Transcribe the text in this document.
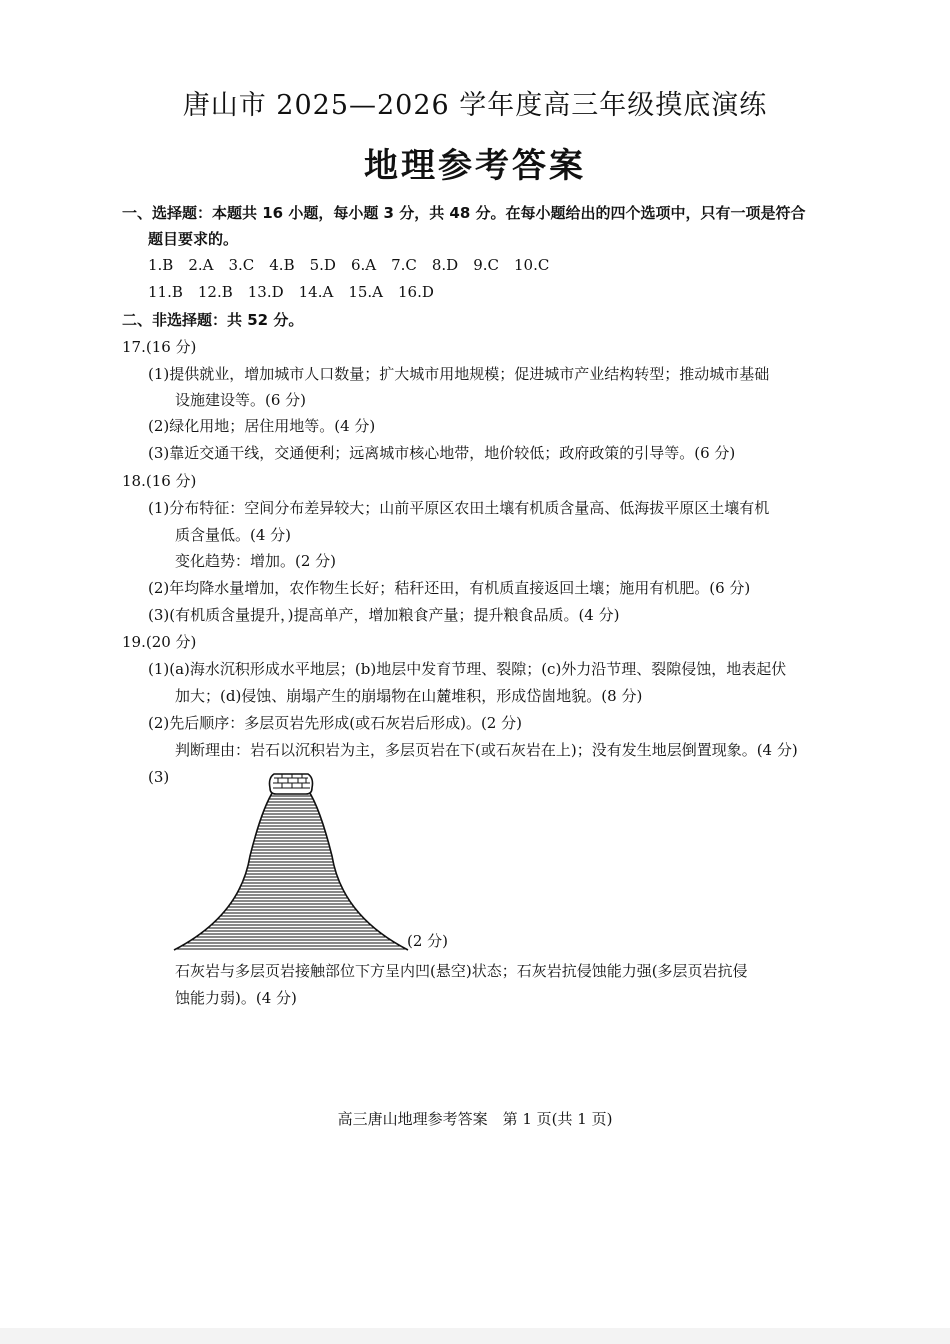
唐山市 2025—2026 学年度高三年级摸底演练
地理参考答案
一、选择题：本题共 16 小题，每小题 3 分，共 48 分。在每小题给出的四个选项中，只有一项是符合
题目要求的。
1.B　2.A　3.C　4.B　5.D　6.A　7.C　8.D　9.C　10.C
11.B　12.B　13.D　14.A　15.A　16.D
二、非选择题：共 52 分。
17.(16 分)
(1)提供就业，增加城市人口数量；扩大城市用地规模；促进城市产业结构转型；推动城市基础
设施建设等。(6 分)
(2)绿化用地；居住用地等。(4 分)
(3)靠近交通干线，交通便利；远离城市核心地带，地价较低；政府政策的引导等。(6 分)
18.(16 分)
(1)分布特征：空间分布差异较大；山前平原区农田土壤有机质含量高、低海拔平原区土壤有机
质含量低。(4 分)
变化趋势：增加。(2 分)
(2)年均降水量增加，农作物生长好；秸秆还田，有机质直接返回土壤；施用有机肥。(6 分)
(3)(有机质含量提升，)提高单产，增加粮食产量；提升粮食品质。(4 分)
19.(20 分)
(1)(a)海水沉积形成水平地层；(b)地层中发育节理、裂隙；(c)外力沿节理、裂隙侵蚀，地表起伏
加大；(d)侵蚀、崩塌产生的崩塌物在山麓堆积，形成岱崮地貌。(8 分)
(2)先后顺序：多层页岩先形成(或石灰岩后形成)。(2 分)
判断理由：岩石以沉积岩为主，多层页岩在下(或石灰岩在上)；没有发生地层倒置现象。(4 分)
(3)
(2 分)
石灰岩与多层页岩接触部位下方呈内凹(悬空)状态；石灰岩抗侵蚀能力强(多层页岩抗侵
蚀能力弱)。(4 分)
高三唐山地理参考答案　第 1 页(共 1 页)
